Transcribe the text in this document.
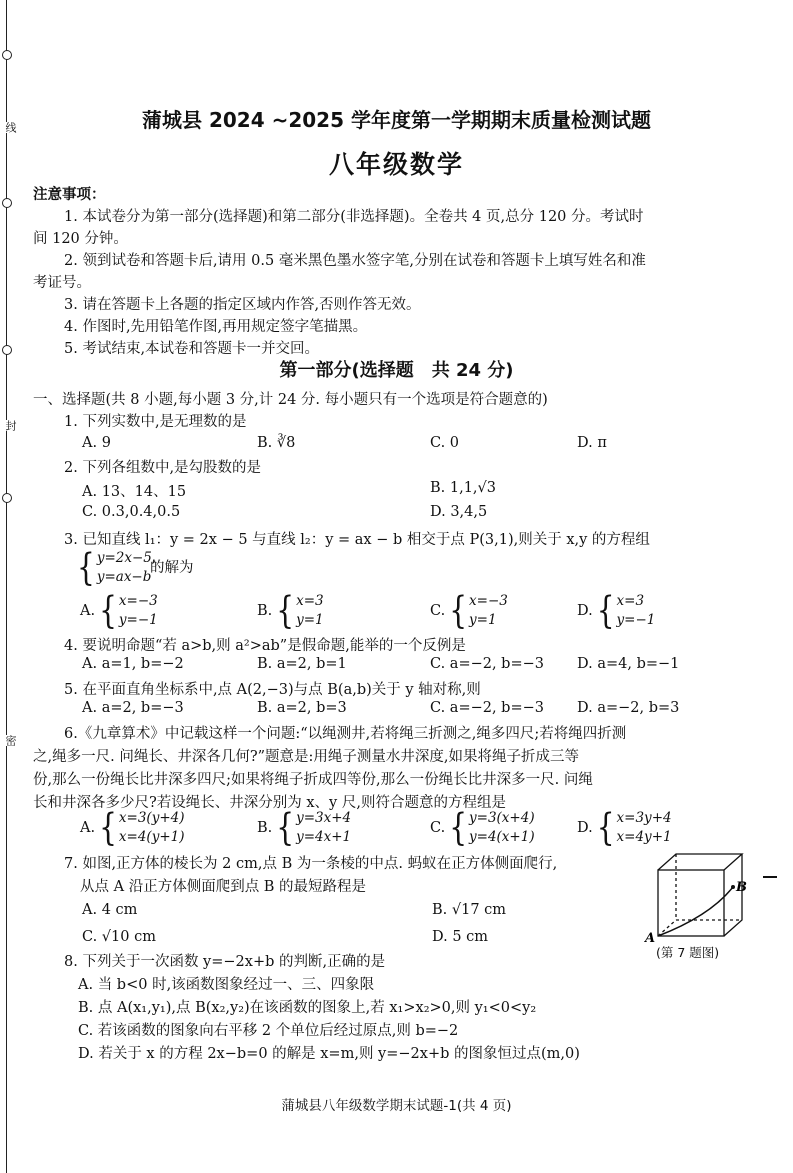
线
封
密
蒲城县 2024 ~2025 学年度第一学期期末质量检测试题
八年级数学
注意事项：
1. 本试卷分为第一部分(选择题)和第二部分(非选择题)。全卷共 4 页,总分 120 分。考试时
间 120 分钟。
2. 领到试卷和答题卡后,请用 0.5 毫米黑色墨水签字笔,分别在试卷和答题卡上填写姓名和准
考证号。
3. 请在答题卡上各题的指定区域内作答,否则作答无效。
4. 作图时,先用铅笔作图,再用规定签字笔描黑。
5. 考试结束,本试卷和答题卡一并交回。
第一部分(选择题　共 24 分)
一、选择题(共 8 小题,每小题 3 分,计 24 分. 每小题只有一个选项是符合题意的)
1. 下列实数中,是无理数的是
A. 9	B. ∛8	C. 0	D. π
2. 下列各组数中,是勾股数的是
A. 13、14、15	B. 1,1,√3
C. 0.3,0.4,0.5	D. 3,4,5
3. 已知直线 l₁：y = 2x − 5 与直线 l₂：y = ax − b 相交于点 P(3,1),则关于 x,y 的方程组
{ y=2x−5,
y=ax−b
的解为
A. { x=−3
y=−1
B. { x=3
y=1
C. { x=−3
y=1
D. { x=3
y=−1
4. 要说明命题“若 a>b,则 a²>ab”是假命题,能举的一个反例是
A. a=1, b=−2	B. a=2, b=1	C. a=−2, b=−3 D. a=4, b=−1
5. 在平面直角坐标系中,点 A(2,−3)与点 B(a,b)关于 y 轴对称,则
A. a=2, b=−3	B. a=2, b=3	C. a=−2, b=−3 D. a=−2, b=3
6.《九章算术》中记载这样一个问题:“以绳测井,若将绳三折测之,绳多四尺;若将绳四折测
之,绳多一尺. 问绳长、井深各几何?”题意是:用绳子测量水井深度,如果将绳子折成三等
份,那么一份绳长比井深多四尺;如果将绳子折成四等份,那么一份绳长比井深多一尺. 问绳
长和井深各多少尺?若设绳长、井深分别为 x、y 尺,则符合题意的方程组是
A. { x=3(y+4)
x=4(y+1)
B. { y=3x+4
y=4x+1
C. { y=3(x+4)
y=4(x+1)
D. { x=3y+4
x=4y+1
7. 如图,正方体的棱长为 2 cm,点 B 为一条棱的中点. 蚂蚁在正方体侧面爬行,
从点 A 沿正方体侧面爬到点 B 的最短路程是
A. 4 cm	B. √17 cm
C. √10 cm	D. 5 cm	A
B
(第 7 题图)
8. 下列关于一次函数 y=−2x+b 的判断,正确的是
A. 当 b<0 时,该函数图象经过一、三、四象限
B. 点 A(x₁,y₁),点 B(x₂,y₂)在该函数的图象上,若 x₁>x₂>0,则 y₁<0<y₂
C. 若该函数的图象向右平移 2 个单位后经过原点,则 b=−2
D. 若关于 x 的方程 2x−b=0 的解是 x=m,则 y=−2x+b 的图象恒过点(m,0)
蒲城县八年级数学期末试题-1(共 4 页)
